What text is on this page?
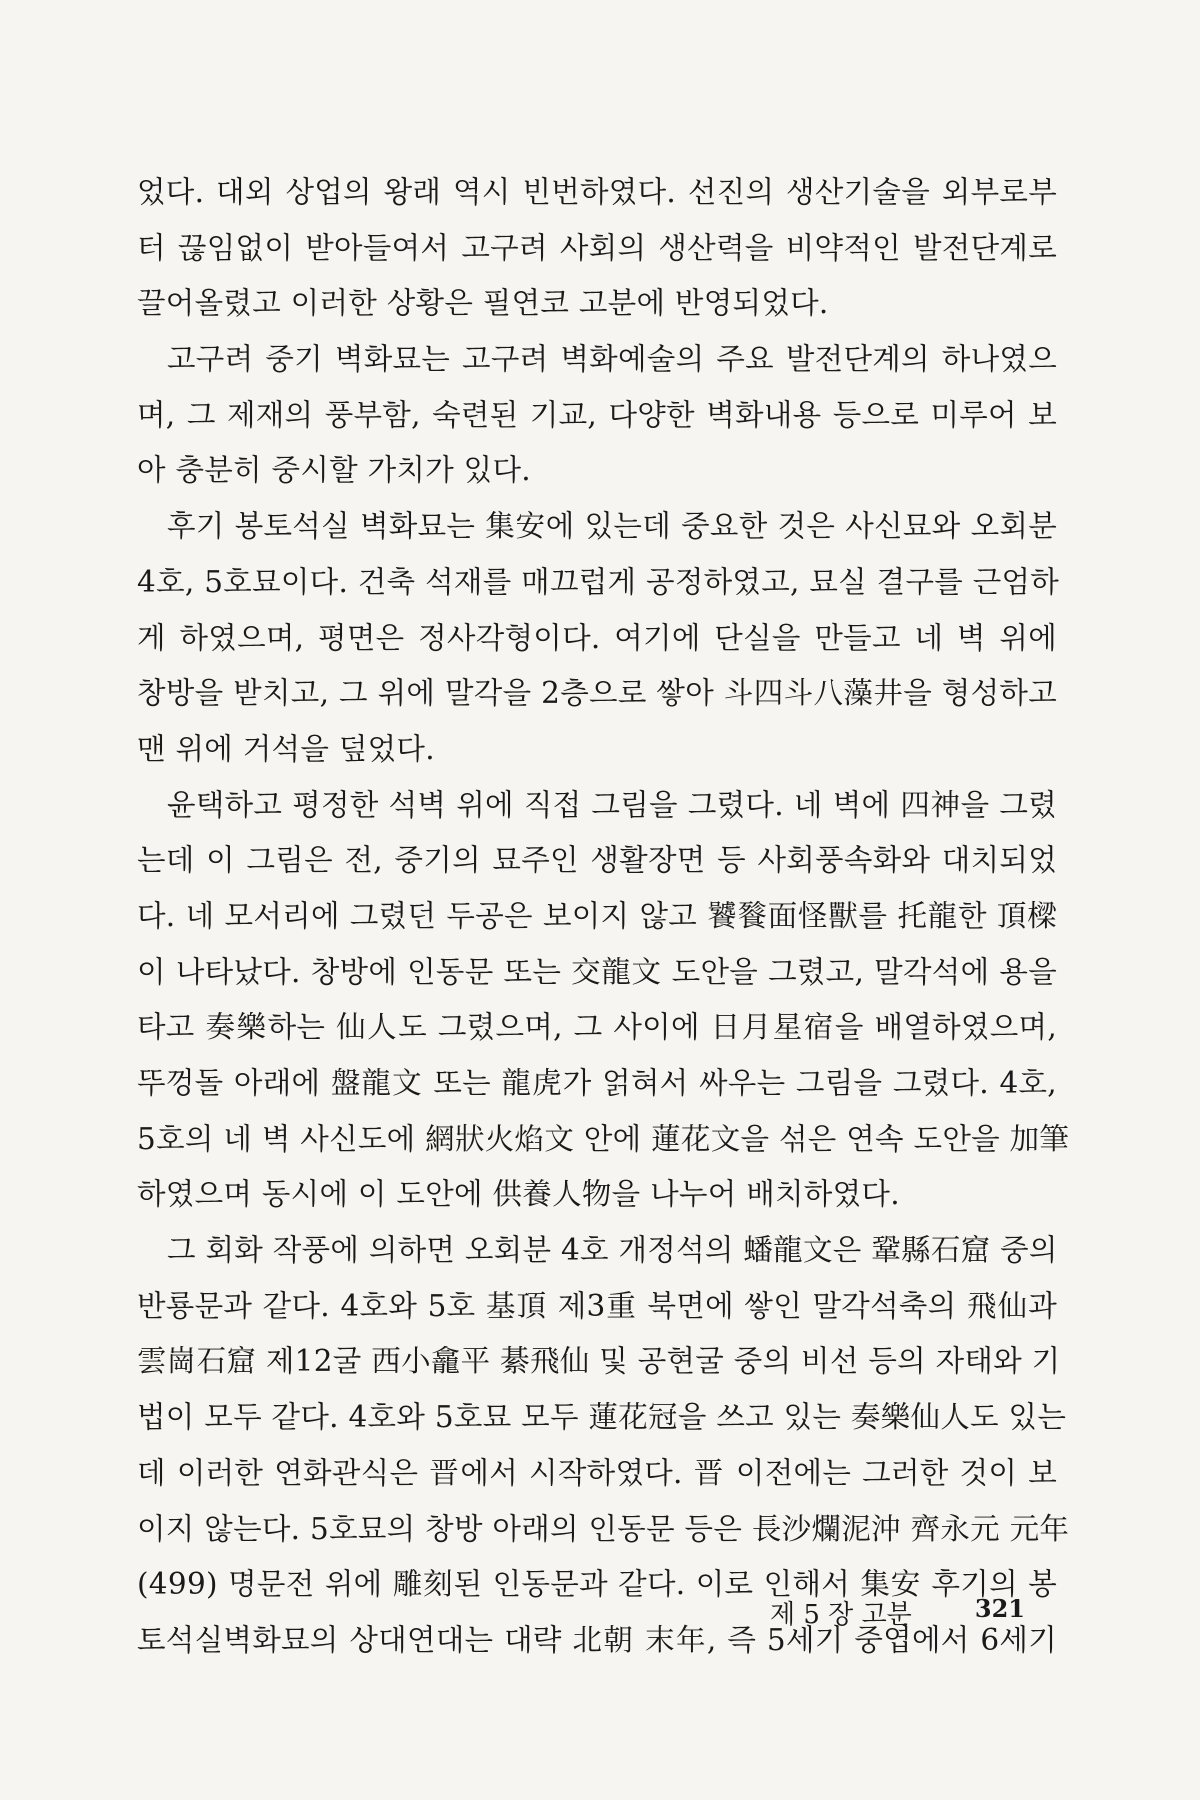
었다. 대외 상업의 왕래 역시 빈번하였다. 선진의 생산기술을 외부로부
터 끊임없이 받아들여서 고구려 사회의 생산력을 비약적인 발전단계로
끌어올렸고 이러한 상황은 필연코 고분에 반영되었다.
고구려 중기 벽화묘는 고구려 벽화예술의 주요 발전단계의 하나였으
며, 그 제재의 풍부함, 숙련된 기교, 다양한 벽화내용 등으로 미루어 보
아 충분히 중시할 가치가 있다.
후기 봉토석실 벽화묘는 集安에 있는데 중요한 것은 사신묘와 오회분
4호, 5호묘이다. 건축 석재를 매끄럽게 공정하였고, 묘실 결구를 근엄하
게 하였으며, 평면은 정사각형이다. 여기에 단실을 만들고 네 벽 위에
창방을 받치고, 그 위에 말각을 2층으로 쌓아 斗四斗八藻井을 형성하고
맨 위에 거석을 덮었다.
윤택하고 평정한 석벽 위에 직접 그림을 그렸다. 네 벽에 四神을 그렸
는데 이 그림은 전, 중기의 묘주인 생활장면 등 사회풍속화와 대치되었
다. 네 모서리에 그렸던 두공은 보이지 않고 饕餮面怪獸를 托龍한 頂樑
이 나타났다. 창방에 인동문 또는 交龍文 도안을 그렸고, 말각석에 용을
타고 奏樂하는 仙人도 그렸으며, 그 사이에 日月星宿을 배열하였으며,
뚜껑돌 아래에 盤龍文 또는 龍虎가 얽혀서 싸우는 그림을 그렸다. 4호,
5호의 네 벽 사신도에 網狀火焰文 안에 蓮花文을 섞은 연속 도안을 加筆
하였으며 동시에 이 도안에 供養人物을 나누어 배치하였다.
그 회화 작풍에 의하면 오회분 4호 개정석의 蟠龍文은 鞏縣石窟 중의
반룡문과 같다. 4호와 5호 基頂 제3重 북면에 쌓인 말각석축의 飛仙과
雲崗石窟 제12굴 西小龕平 綦飛仙 및 공현굴 중의 비선 등의 자태와 기
법이 모두 같다. 4호와 5호묘 모두 蓮花冠을 쓰고 있는 奏樂仙人도 있는
데 이러한 연화관식은 晋에서 시작하였다. 晋 이전에는 그러한 것이 보
이지 않는다. 5호묘의 창방 아래의 인동문 등은 長沙爛泥沖 齊永元 元年
(499) 명문전 위에 雕刻된 인동문과 같다. 이로 인해서 集安 후기의 봉
토석실벽화묘의 상대연대는 대략 北朝 末年, 즉 5세기 중엽에서 6세기
제 5 장 고분	321
